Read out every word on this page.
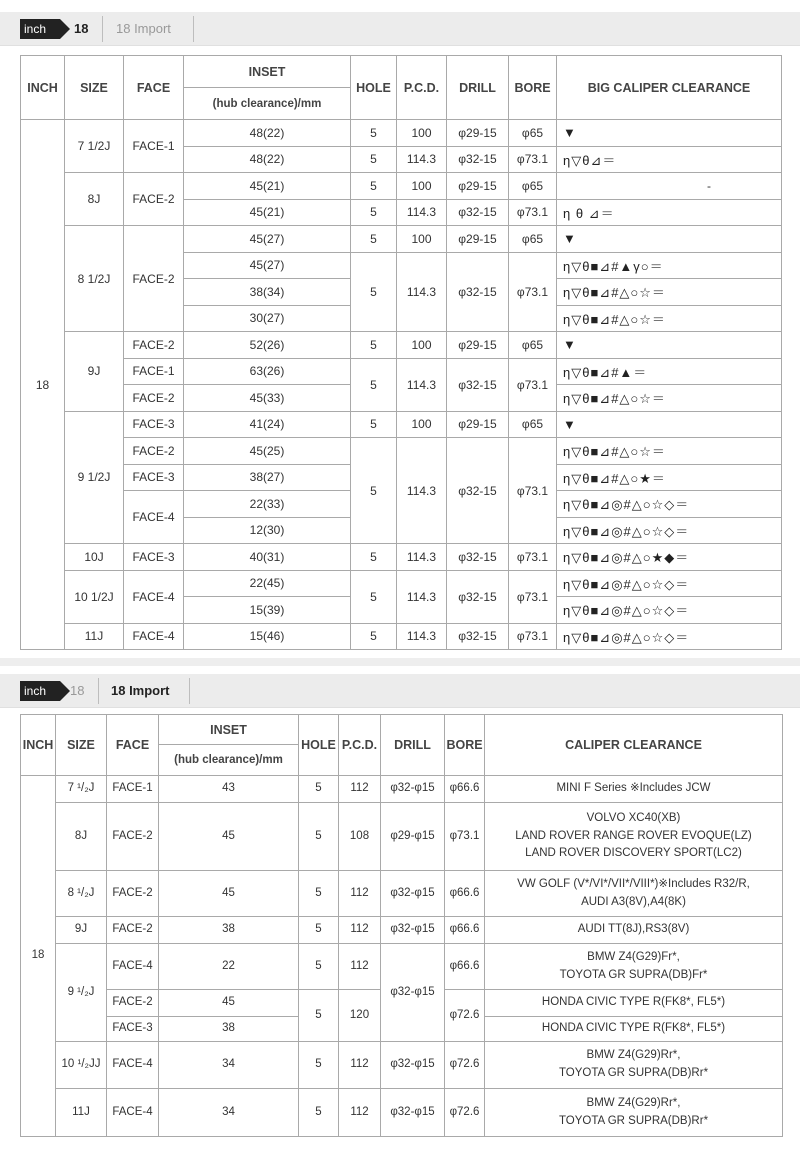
inch	18 18 Import
INCH	SIZE	FACE	INSET	HOLE	P.C.D.	DRILL	BORE	BIG CALIPER CLEARANCE
			(hub clearance)/mm					
18	7 1/2J	FACE-1	48(22)	5	100	φ29-15	φ65	▼
			48(22)	5	114.3	φ32-15	φ73.1	η▽θ⊿＝
	8J	FACE-2	45(21)	5	100	φ29-15	φ65	-
			45(21)	5	114.3	φ32-15	φ73.1	η θ ⊿＝
	8 1/2J	FACE-2	45(27)	5	100	φ29-15	φ65	▼
			45(27)	5	114.3	φ32-15	φ73.1	η▽θ■⊿#▲γ○＝
			38(34)					η▽θ■⊿#△○☆＝
			30(27)					η▽θ■⊿#△○☆＝
	9J	FACE-2	52(26)	5	100	φ29-15	φ65	▼
		FACE-1	63(26)	5	114.3	φ32-15	φ73.1	η▽θ■⊿#▲＝
		FACE-2	45(33)					η▽θ■⊿#△○☆＝
	9 1/2J	FACE-3	41(24)	5	100	φ29-15	φ65	▼
		FACE-2	45(25)	5	114.3	φ32-15	φ73.1	η▽θ■⊿#△○☆＝
		FACE-3	38(27)					η▽θ■⊿#△○★＝
		FACE-4	22(33)					η▽θ■⊿◎#△○☆◇＝
			12(30)					η▽θ■⊿◎#△○☆◇＝
	10J	FACE-3	40(31)	5	114.3	φ32-15	φ73.1	η▽θ■⊿◎#△○★◆＝
	10 1/2J	FACE-4	22(45)	5	114.3	φ32-15	φ73.1	η▽θ■⊿◎#△○☆◇＝
			15(39)					η▽θ■⊿◎#△○☆◇＝
	11J	FACE-4	15(46)	5	114.3	φ32-15	φ73.1	η▽θ■⊿◎#△○☆◇＝
inch	18 18 Import
INCH	SIZE	FACE	INSET	HOLE	P.C.D.	DRILL	BORE	CALIPER CLEARANCE
			(hub clearance)/mm					
18	7 ¹/₂J	FACE-1	43	5	112	φ32-φ15	φ66.6	MINI F Series ※Includes JCW

	8J	FACE-2	45	5	108	φ29-φ15	φ73.1	VOLVO XC40(XB)
LAND ROVER RANGE ROVER EVOQUE(LZ)
LAND ROVER DISCOVERY SPORT(LC2)

	8 ¹/₂J	FACE-2	45	5	112	φ32-φ15	φ66.6	VW GOLF (V*/VI*/VII*/VIII*)※Includes R32/R,
AUDI A3(8V),A4(8K)

	9J	FACE-2	38	5	112	φ32-φ15	φ66.6	AUDI TT(8J),RS3(8V)

	9 ¹/₂J	FACE-4	22	5	112	φ32-φ15	φ66.6	BMW Z4(G29)Fr*,
TOYOTA GR SUPRA(DB)Fr*

		FACE-2	45	5	120		φ72.6	HONDA CIVIC TYPE R(FK8*, FL5*)

		FACE-3	38					HONDA CIVIC TYPE R(FK8*, FL5*)

	10 ¹/₂JJ	FACE-4	34	5	112	φ32-φ15	φ72.6	BMW Z4(G29)Rr*,
TOYOTA GR SUPRA(DB)Rr*

	11J	FACE-4	34	5	112	φ32-φ15	φ72.6	BMW Z4(G29)Rr*,
TOYOTA GR SUPRA(DB)Rr*
